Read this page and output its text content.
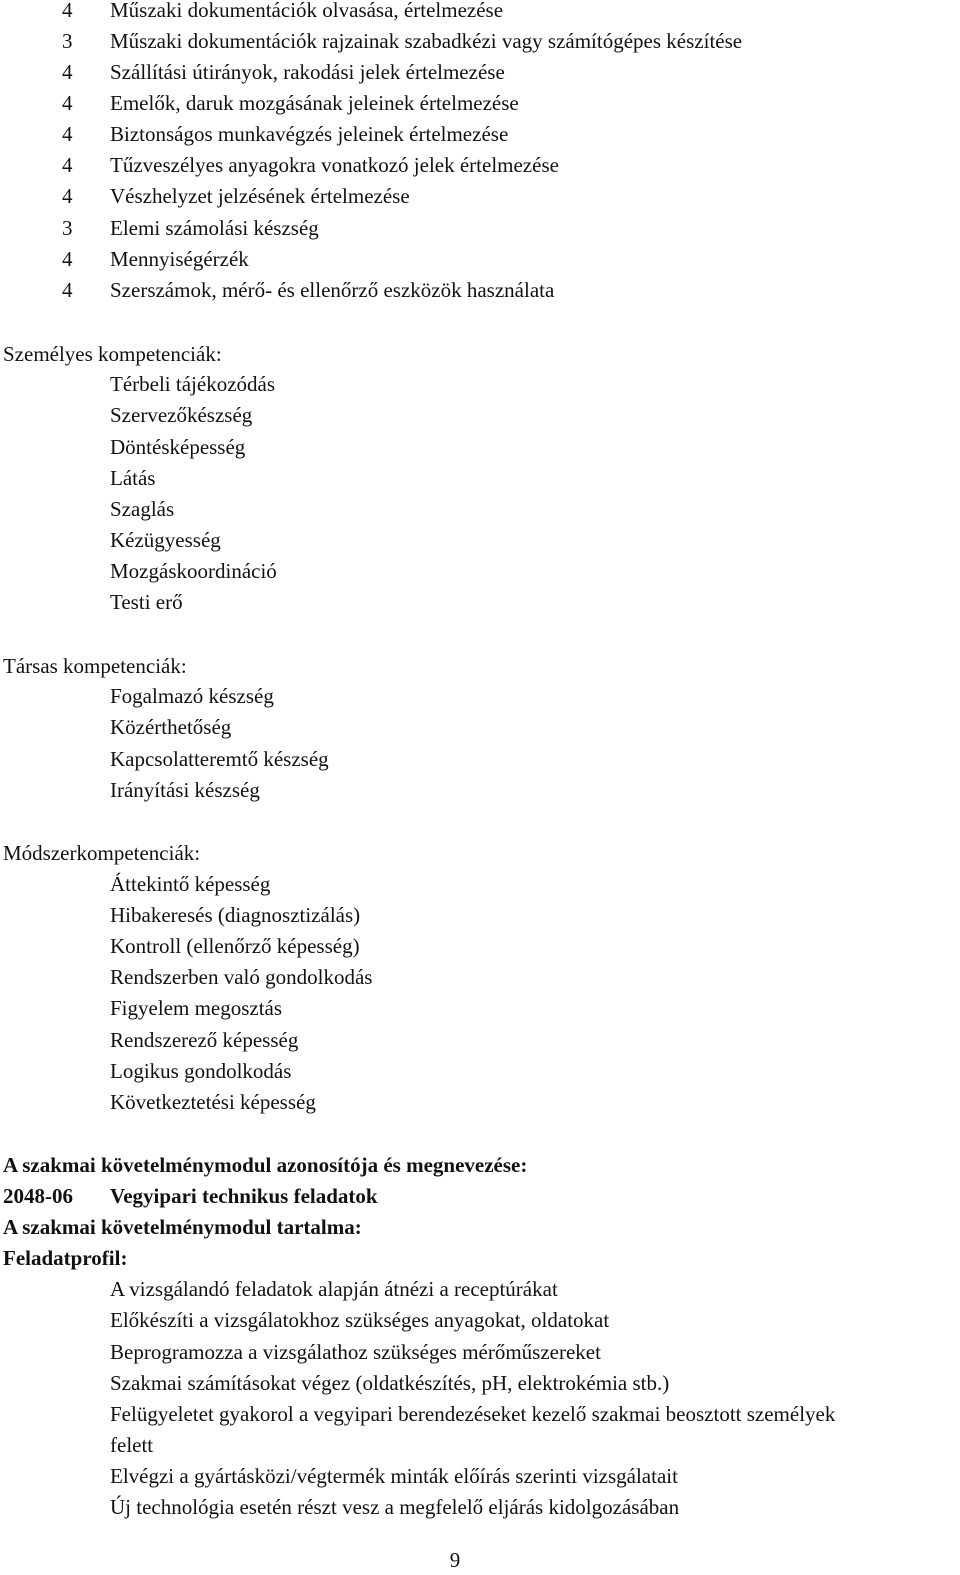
4	Műszaki dokumentációk olvasása, értelmezése
3	Műszaki dokumentációk rajzainak szabadkézi vagy számítógépes készítése
4	Szállítási útirányok, rakodási jelek értelmezése
4	Emelők, daruk mozgásának jeleinek értelmezése
4	Biztonságos munkavégzés jeleinek értelmezése
4	Tűzveszélyes anyagokra vonatkozó jelek értelmezése
4	Vészhelyzet jelzésének értelmezése
3	Elemi számolási készség
4	Mennyiségérzék
4	Szerszámok, mérő- és ellenőrző eszközök használata
Személyes kompetenciák:
Térbeli tájékozódás
Szervezőkészség
Döntésképesség
Látás
Szaglás
Kézügyesség
Mozgáskoordináció
Testi erő
Társas kompetenciák:
Fogalmazó készség
Közérthetőség
Kapcsolatteremtő készség
Irányítási készség
Módszerkompetenciák:
Áttekintő képesség
Hibakeresés (diagnosztizálás)
Kontroll (ellenőrző képesség)
Rendszerben való gondolkodás
Figyelem megosztás
Rendszerező képesség
Logikus gondolkodás
Következtetési képesség
A szakmai követelménymodul azonosítója és megnevezése:
2048-06 Vegyipari technikus feladatok
A szakmai követelménymodul tartalma:
Feladatprofil:
A vizsgálandó feladatok alapján átnézi a receptúrákat
Előkészíti a vizsgálatokhoz szükséges anyagokat, oldatokat
Beprogramozza a vizsgálathoz szükséges mérőműszereket
Szakmai számításokat végez (oldatkészítés, pH, elektrokémia stb.)
Felügyeletet gyakorol a vegyipari berendezéseket kezelő szakmai beosztott személyek
felett
Elvégzi a gyártásközi/végtermék minták előírás szerinti vizsgálatait
Új technológia esetén részt vesz a megfelelő eljárás kidolgozásában
9
